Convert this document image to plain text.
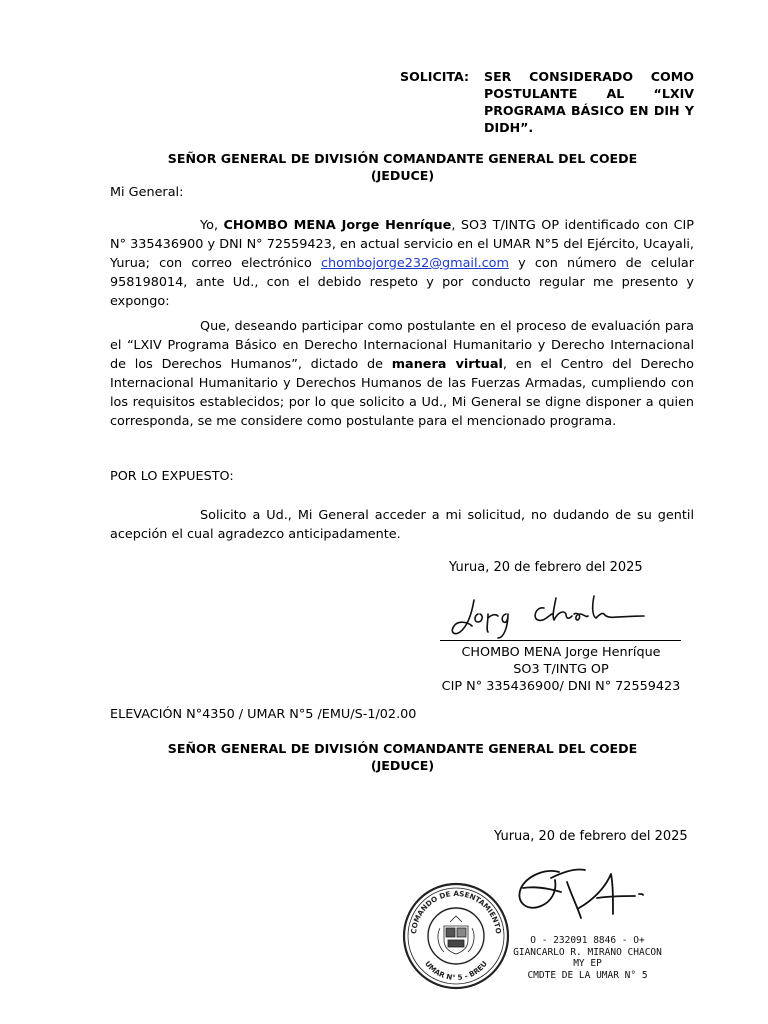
SOLICITA:	SER CONSIDERADO COMO POSTULANTE AL “LXIV PROGRAMA BÁSICO EN DIH Y DIDH”.
SEÑOR GENERAL DE DIVISIÓN COMANDANTE GENERAL DEL COEDE
(JEDUCE)
Mi General:

Yo, CHOMBO MENA Jorge Henríque, SO3 T/INTG OP identificado con CIP N° 335436900 y DNI N° 72559423, en actual servicio en el UMAR N°5 del Ejército, Ucayali, Yurua; con correo electrónico chombojorge232@gmail.com y con número de celular 958198014, ante Ud., con el debido respeto y por conducto regular me presento y expongo:

Que, deseando participar como postulante en el proceso de evaluación para el “LXIV Programa Básico en Derecho Internacional Humanitario y Derecho Internacional de los Derechos Humanos”, dictado de manera virtual, en el Centro del Derecho Internacional Humanitario y Derechos Humanos de las Fuerzas Armadas, cumpliendo con los requisitos establecidos; por lo que solicito a Ud., Mi General se digne disponer a quien corresponda, se me considere como postulante para el mencionado programa.

POR LO EXPUESTO:

Solicito a Ud., Mi General acceder a mi solicitud, no dudando de su gentil acepción el cual agradezco anticipadamente.

Yurua, 20 de febrero del 2025
CHOMBO MENA Jorge Henríque
SO3 T/INTG OP
CIP N° 335436900/ DNI N° 72559423
ELEVACIÓN N°4350 / UMAR N°5 /EMU/S-1/02.00
SEÑOR GENERAL DE DIVISIÓN COMANDANTE GENERAL DEL COEDE
(JEDUCE)
Yurua, 20 de febrero del 2025
COMANDO DE ASENTAMIENTO
UMAR N° 5 - BREU
O - 232091 8846 - O+
GIANCARLO R. MIRANO CHACON
MY EP
CMDTE DE LA UMAR N° 5
